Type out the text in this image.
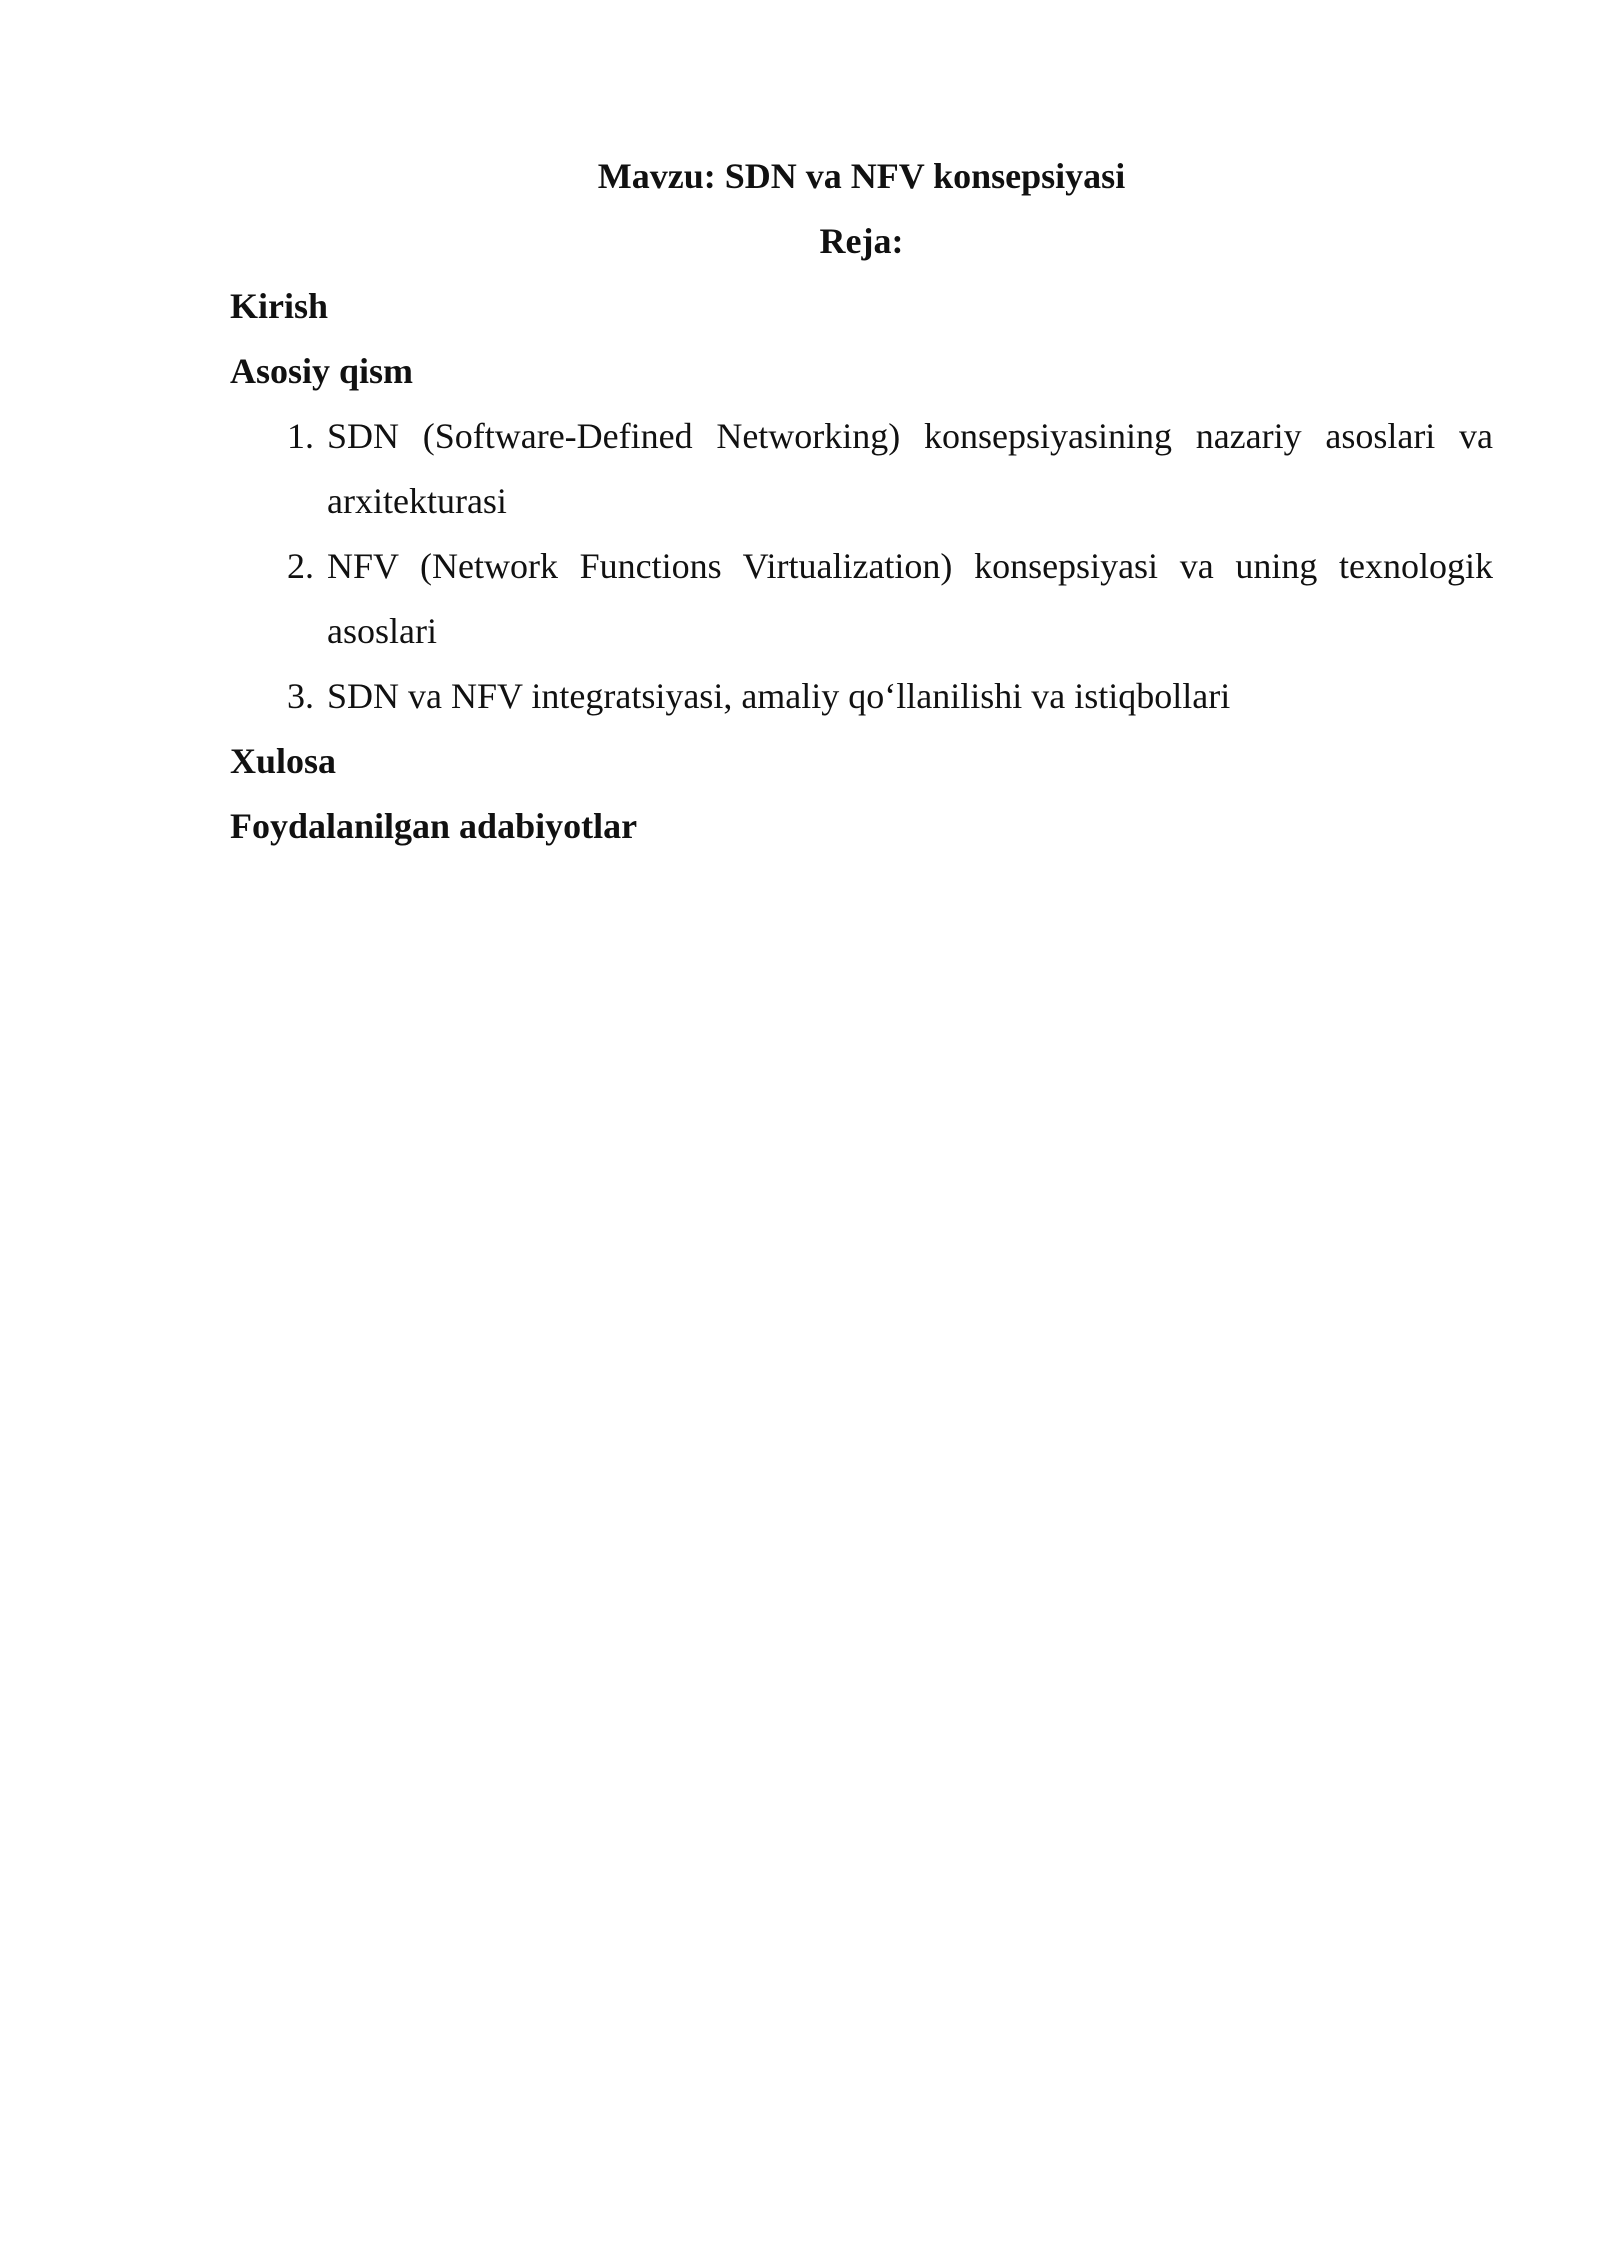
Mavzu: SDN va NFV konsepsiyasi

Reja:

Kirish

Asosiy qism

1. SDN (Software-Defined Networking) konsepsiyasining nazariy asoslari va arxitekturasi
2. NFV (Network Functions Virtualization) konsepsiyasi va uning texnologik asoslari
3. SDN va NFV integratsiyasi, amaliy qo‘llanilishi va istiqbollari

Xulosa

Foydalanilgan adabiyotlar
